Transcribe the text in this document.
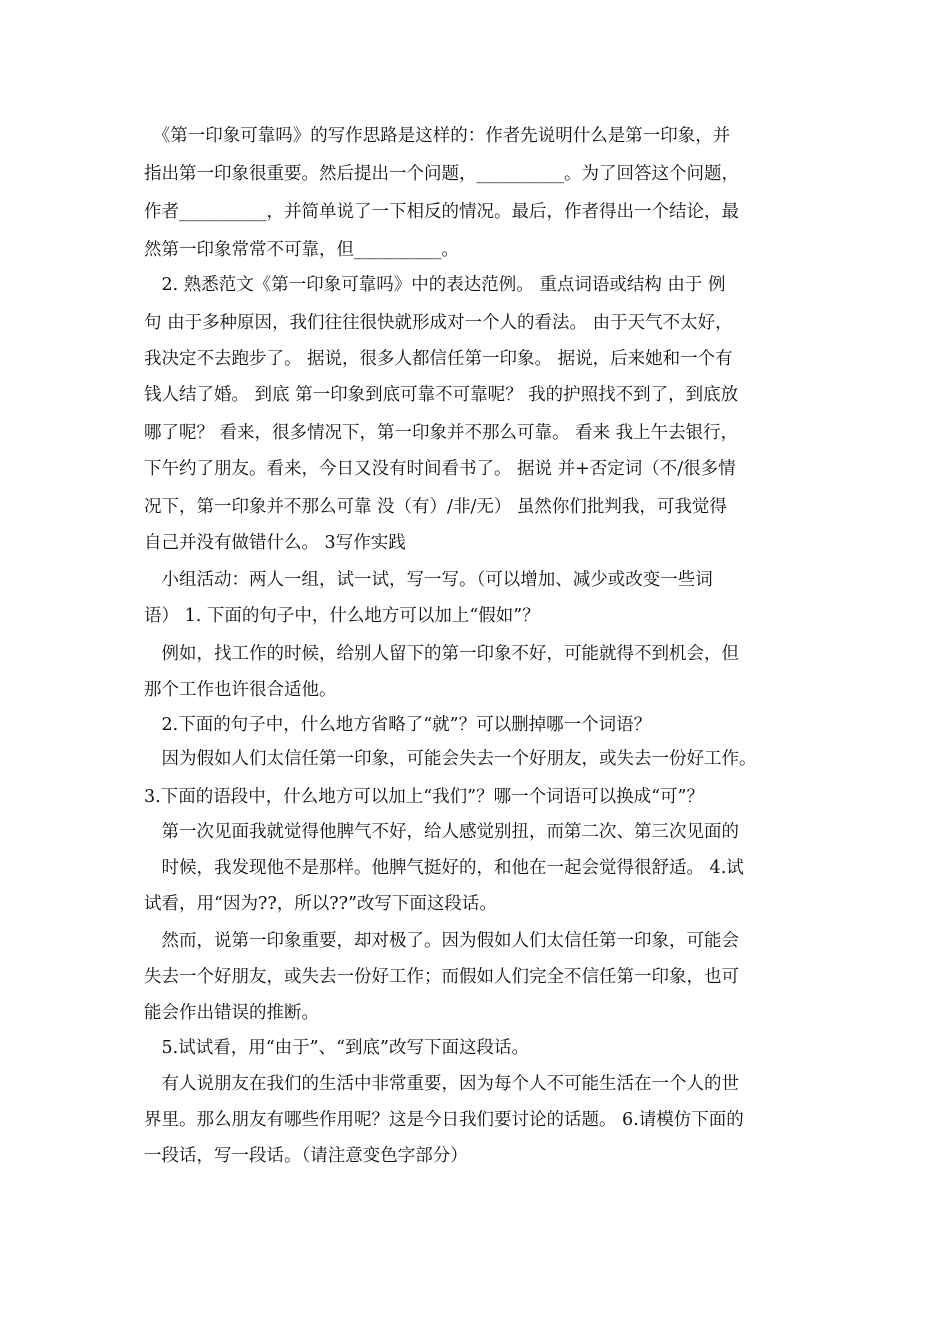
　《第一印象可靠吗》的写作思路是这样的：作者先说明什么是第一印象，并

指出第一印象很重要。然后提出一个问题，__________。为了回答这个问题，

作者__________，并简单说了一下相反的情况。最后，作者得出一个结论，最

然第一印象常常不可靠，但__________。

　2. 熟悉范文《第一印象可靠吗》中的表达范例。 重点词语或结构 由于 例

句 由于多种原因，我们往往很快就形成对一个人的看法。 由于天气不太好，

我决定不去跑步了。 据说，很多人都信任第一印象。 据说，后来她和一个有

钱人结了婚。 到底 第一印象到底可靠不可靠呢？ 我的护照找不到了，到底放

哪了呢？ 看来，很多情况下，第一印象并不那么可靠。 看来 我上午去银行，

下午约了朋友。看来，今日又没有时间看书了。 据说 并+否定词（不/很多情

况下，第一印象并不那么可靠 没（有）/非/无） 虽然你们批判我，可我觉得

自己并没有做错什么。 3写作实践

　小组活动：两人一组，试一试，写一写。（可以增加、减少或改变一些词

语） 1. 下面的句子中，什么地方可以加上“假如”？

　例如，找工作的时候，给别人留下的第一印象不好，可能就得不到机会，但

那个工作也许很合适他。

　2.下面的句子中，什么地方省略了“就”？可以删掉哪一个词语？

　因为假如人们太信任第一印象，可能会失去一个好朋友，或失去一份好工作。

3.下面的语段中，什么地方可以加上“我们”？哪一个词语可以换成“可”？

　第一次见面我就觉得他脾气不好，给人感觉别扭，而第二次、第三次见面的

　时候，我发现他不是那样。他脾气挺好的，和他在一起会觉得很舒适。 4.试

试看，用“因为??，所以??”改写下面这段话。

　然而，说第一印象重要，却对极了。因为假如人们太信任第一印象，可能会

失去一个好朋友，或失去一份好工作；而假如人们完全不信任第一印象，也可

能会作出错误的推断。

　5.试试看，用“由于”、“到底”改写下面这段话。

　有人说朋友在我们的生活中非常重要，因为每个人不可能生活在一个人的世

界里。那么朋友有哪些作用呢？这是今日我们要讨论的话题。 6.请模仿下面的

一段话，写一段话。（请注意变色字部分）
